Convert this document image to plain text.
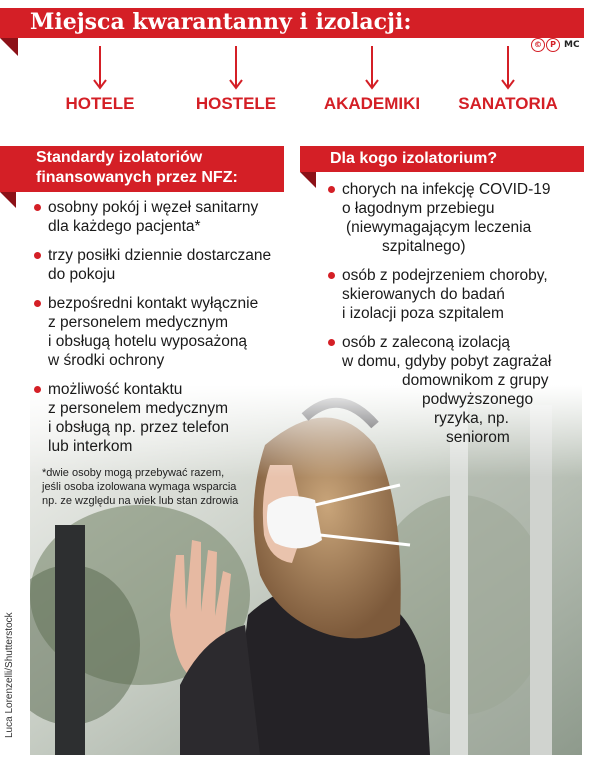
Luca Lorenzelli/Shutterstock
Miejsca kwarantanny i izolacji:
© P MC
HOTELE	HOSTELE	AKADEMIKI	SANATORIA
Standardy izolatoriów
finansowanych przez NFZ:
Dla kogo izolatorium?
osobny pokój i węzeł sanitarny
dla każdego pacjenta*
trzy posiłki dziennie dostarczane
do pokoju
bezpośredni kontakt wyłącznie
z personelem medycznym
i obsługą hotelu wyposażoną
w środki ochrony
możliwość kontaktu
z personelem medycznym
i obsługą np. przez telefon
lub interkom
*dwie osoby mogą przebywać razem, jeśli osoba izolowana wymaga wsparcia np. ze względu na wiek lub stan zdrowia
chorych na infekcję COVID-19
o łagodnym przebiegu
(niewymagającym leczenia
szpitalnego)
osób z podejrzeniem choroby,
skierowanych do badań
i izolacji poza szpitalem
osób z zaleconą izolacją
w domu, gdyby pobyt zagrażał
domownikom z grupy
podwyższonego
ryzyka, np.
seniorom
